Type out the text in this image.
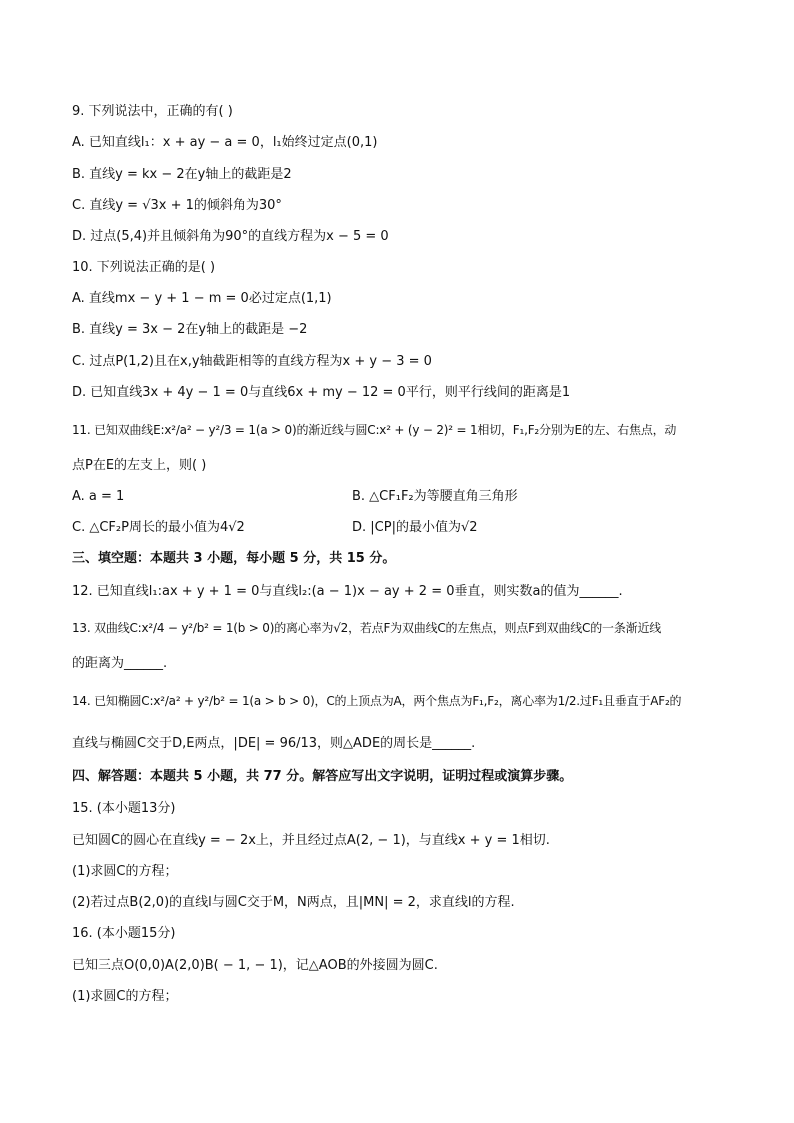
9. 下列说法中，正确的有( )
A. 已知直线l₁：x + ay − a = 0，l₁始终过定点(0,1)
B. 直线y = kx − 2在y轴上的截距是2
C. 直线y = √3x + 1的倾斜角为30°
D. 过点(5,4)并且倾斜角为90°的直线方程为x − 5 = 0
10. 下列说法正确的是( )
A. 直线mx − y + 1 − m = 0必过定点(1,1)
B. 直线y = 3x − 2在y轴上的截距是 −2
C. 过点P(1,2)且在x,y轴截距相等的直线方程为x + y − 3 = 0
D. 已知直线3x + 4y − 1 = 0与直线6x + my − 12 = 0平行，则平行线间的距离是1
11. 已知双曲线E:x²/a² − y²/3 = 1(a > 0)的渐近线与圆C:x² + (y − 2)² = 1相切，F₁,F₂分别为E的左、右焦点，动
点P在E的左支上，则( )
A. a = 1	B. △CF₁F₂为等腰直角三角形
C. △CF₂P周长的最小值为4√2	D. |CP|的最小值为√2
三、填空题：本题共 3 小题，每小题 5 分，共 15 分。
12. 已知直线l₁:ax + y + 1 = 0与直线l₂:(a − 1)x − ay + 2 = 0垂直，则实数a的值为______.
13. 双曲线C:x²/4 − y²/b² = 1(b > 0)的离心率为√2，若点F为双曲线C的左焦点，则点F到双曲线C的一条渐近线
的距离为______.
14. 已知椭圆C:x²/a² + y²/b² = 1(a > b > 0)，C的上顶点为A，两个焦点为F₁,F₂，离心率为1/2.过F₁且垂直于AF₂的
直线与椭圆C交于D,E两点，|DE| = 96/13，则△ADE的周长是______.
四、解答题：本题共 5 小题，共 77 分。解答应写出文字说明，证明过程或演算步骤。
15. (本小题13分)
已知圆C的圆心在直线y = − 2x上，并且经过点A(2, − 1)，与直线x + y = 1相切.
(1)求圆C的方程；
(2)若过点B(2,0)的直线l与圆C交于M，N两点，且|MN| = 2，求直线l的方程.
16. (本小题15分)
已知三点O(0,0)A(2,0)B( − 1, − 1)，记△AOB的外接圆为圆C.
(1)求圆C的方程；
